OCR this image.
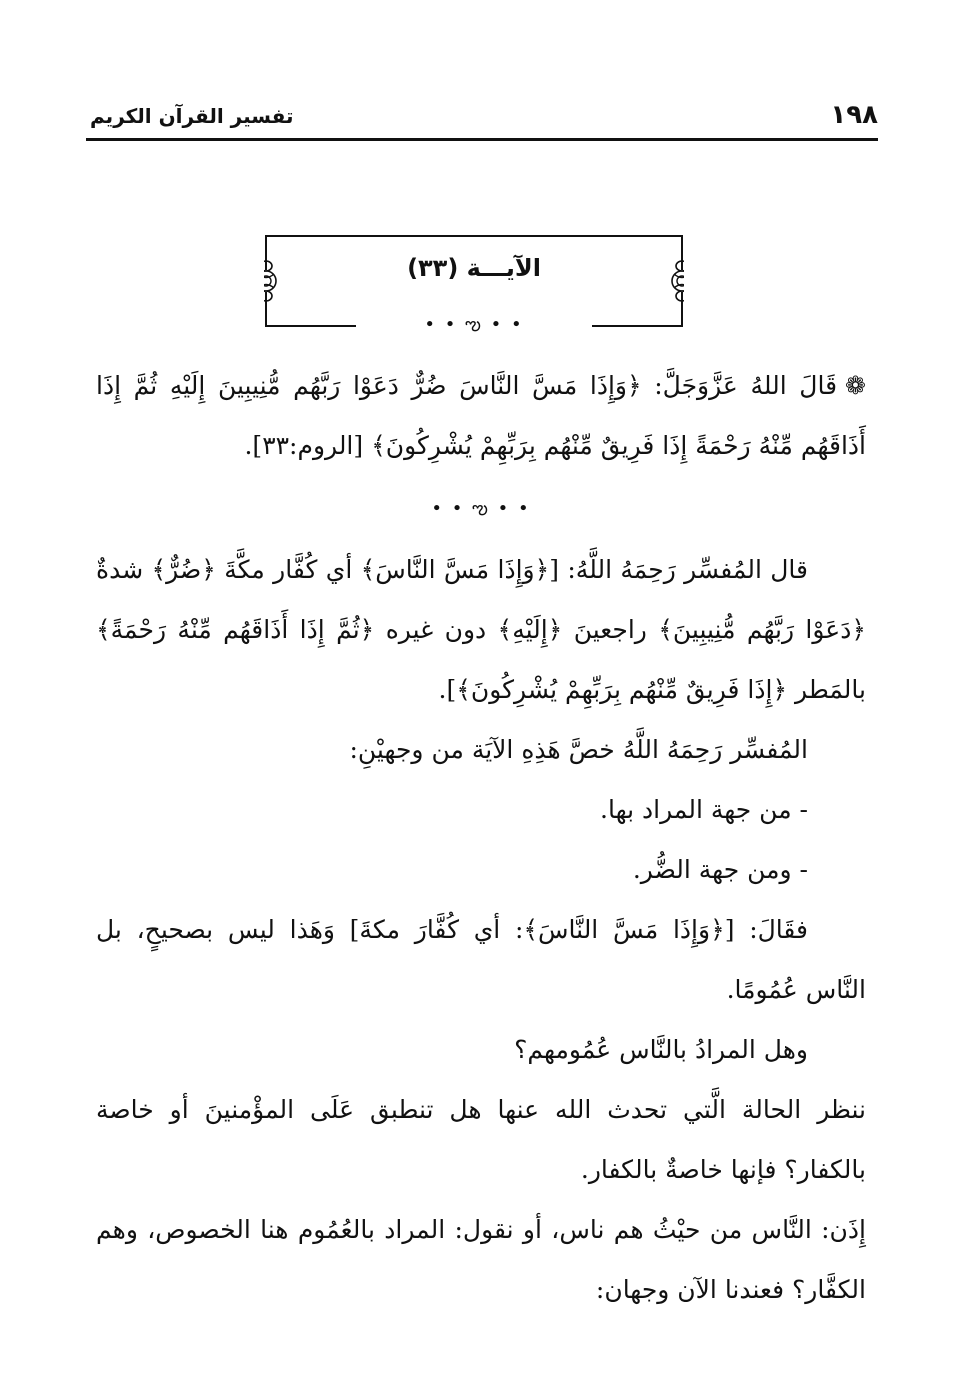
١٩٨
تفسير القرآن الكريم
الآيـــة (٣٣)
• • ఌ • •

❁قَالَ اللهُ عَزَّوَجَلَّ: ﴿وَإِذَا مَسَّ النَّاسَ ضُرٌّ دَعَوْا رَبَّهُم مُّنِيبِينَ إِلَيْهِ ثُمَّ إِذَا أَذَاقَهُم مِّنْهُ رَحْمَةً إِذَا فَرِيقٌ مِّنْهُم بِرَبِّهِمْ يُشْرِكُونَ﴾ [الروم:٣٣].

• • ఌ • •

قال المُفسِّر رَحِمَهُ اللَّهُ: [﴿وَإِذَا مَسَّ النَّاسَ﴾ أي كُفَّار مكَّةَ ﴿ضُرٌّ﴾ شدةٌ ﴿دَعَوْا رَبَّهُم مُّنِيبِينَ﴾ راجعينَ ﴿إِلَيْهِ﴾ دون غيره ﴿ثُمَّ إِذَا أَذَاقَهُم مِّنْهُ رَحْمَةً﴾ بالمَطر ﴿إِذَا فَرِيقٌ مِّنْهُم بِرَبِّهِمْ يُشْرِكُونَ﴾].

المُفسِّر رَحِمَهُ اللَّهُ خصَّ هَذِهِ الآيَة من وجهيْنِ:

- من جهة المراد بها.

- ومن جهة الضُّر.

فقَالَ: [﴿وَإِذَا مَسَّ النَّاسَ﴾: أي كُفَّارَ مكةَ] وَهَذا ليس بصحيحٍ، بل النَّاس عُمُومًا.

وهل المرادُ بالنَّاس عُمُومهم؟

ننظر الحالة الَّتي تحدث الله عنها هل تنطبق عَلَى المؤْمنينَ أو خاصة بالكفار؟ فإنها خاصةٌ بالكفار.

إِذَن: النَّاس من حيْثُ هم ناس، أو نقول: المراد بالعُمُوم هنا الخصوص، وهم الكفَّار؟ فعندنا الآن وجهان:
